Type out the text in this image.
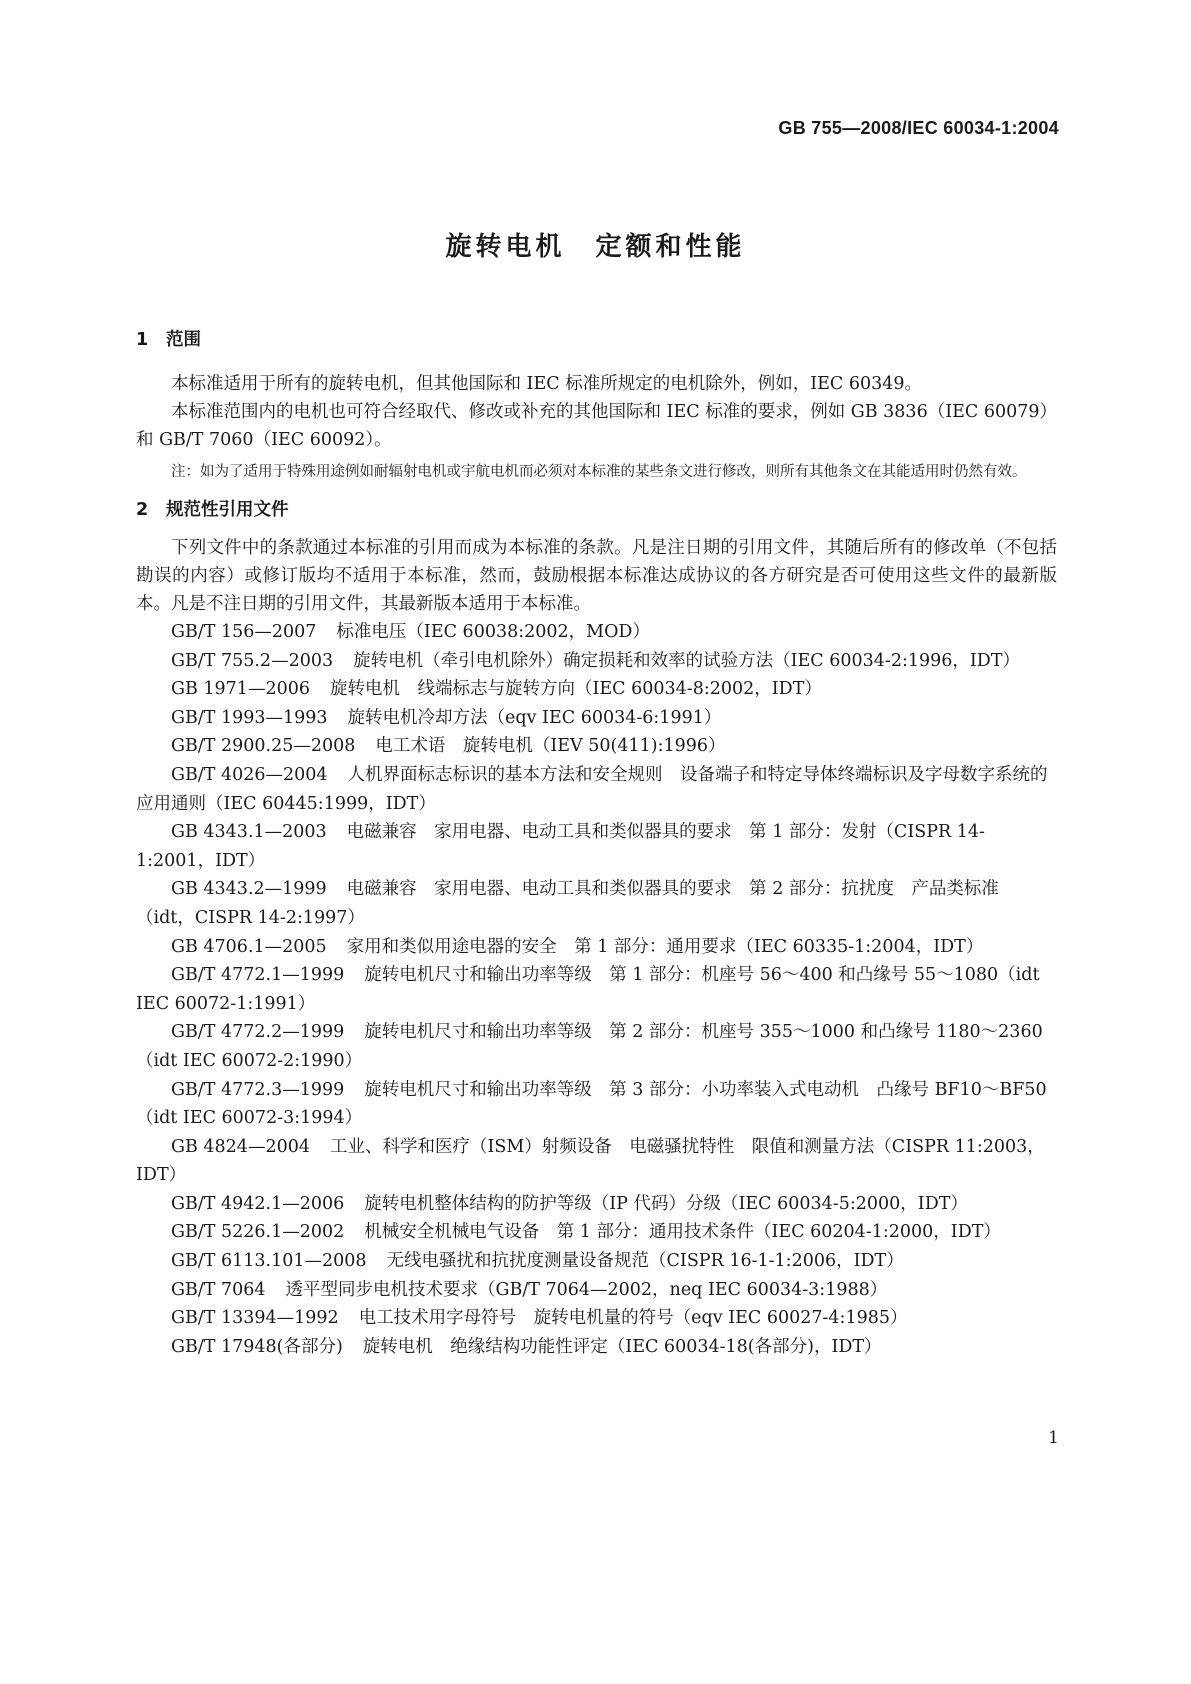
GB 755—2008/IEC 60034-1:2004
旋转电机　定额和性能
1 范围

本标准适用于所有的旋转电机，但其他国际和 IEC 标准所规定的电机除外，例如，IEC 60349。

本标准范围内的电机也可符合经取代、修改或补充的其他国际和 IEC 标准的要求，例如 GB 3836（IEC 60079）和 GB/T 7060（IEC 60092）。

注：如为了适用于特殊用途例如耐辐射电机或宇航电机而必须对本标准的某些条文进行修改，则所有其他条文在其能适用时仍然有效。

2 规范性引用文件

下列文件中的条款通过本标准的引用而成为本标准的条款。凡是注日期的引用文件，其随后所有的修改单（不包括勘误的内容）或修订版均不适用于本标准，然而，鼓励根据本标准达成协议的各方研究是否可使用这些文件的最新版本。凡是不注日期的引用文件，其最新版本适用于本标准。

GB/T 156—2007 标准电压（IEC 60038:2002，MOD）

GB/T 755.2—2003 旋转电机（牵引电机除外）确定损耗和效率的试验方法（IEC 60034-2:1996，IDT）

GB 1971—2006 旋转电机　线端标志与旋转方向（IEC 60034-8:2002，IDT）

GB/T 1993—1993 旋转电机冷却方法（eqv IEC 60034-6:1991）

GB/T 2900.25—2008 电工术语　旋转电机（IEV 50(411):1996）

GB/T 4026—2004 人机界面标志标识的基本方法和安全规则　设备端子和特定导体终端标识及字母数字系统的应用通则（IEC 60445:1999，IDT）

GB 4343.1—2003 电磁兼容　家用电器、电动工具和类似器具的要求　第 1 部分：发射（CISPR 14-1:2001，IDT）

GB 4343.2—1999 电磁兼容　家用电器、电动工具和类似器具的要求　第 2 部分：抗扰度　产品类标准（idt，CISPR 14-2:1997）

GB 4706.1—2005 家用和类似用途电器的安全　第 1 部分：通用要求（IEC 60335-1:2004，IDT）

GB/T 4772.1—1999 旋转电机尺寸和输出功率等级　第 1 部分：机座号 56～400 和凸缘号 55～1080（idt IEC 60072-1:1991）

GB/T 4772.2—1999 旋转电机尺寸和输出功率等级　第 2 部分：机座号 355～1000 和凸缘号 1180～2360（idt IEC 60072-2:1990）

GB/T 4772.3—1999 旋转电机尺寸和输出功率等级　第 3 部分：小功率装入式电动机　凸缘号 BF10～BF50（idt IEC 60072-3:1994）

GB 4824—2004 工业、科学和医疗（ISM）射频设备　电磁骚扰特性　限值和测量方法（CISPR 11:2003，IDT）

GB/T 4942.1—2006 旋转电机整体结构的防护等级（IP 代码）分级（IEC 60034-5:2000，IDT）

GB/T 5226.1—2002 机械安全机械电气设备　第 1 部分：通用技术条件（IEC 60204-1:2000，IDT）

GB/T 6113.101—2008 无线电骚扰和抗扰度测量设备规范（CISPR 16-1-1:2006，IDT）

GB/T 7064 透平型同步电机技术要求（GB/T 7064—2002，neq IEC 60034-3:1988）

GB/T 13394—1992 电工技术用字母符号　旋转电机量的符号（eqv IEC 60027-4:1985）

GB/T 17948(各部分) 旋转电机　绝缘结构功能性评定（IEC 60034-18(各部分)，IDT）

1
